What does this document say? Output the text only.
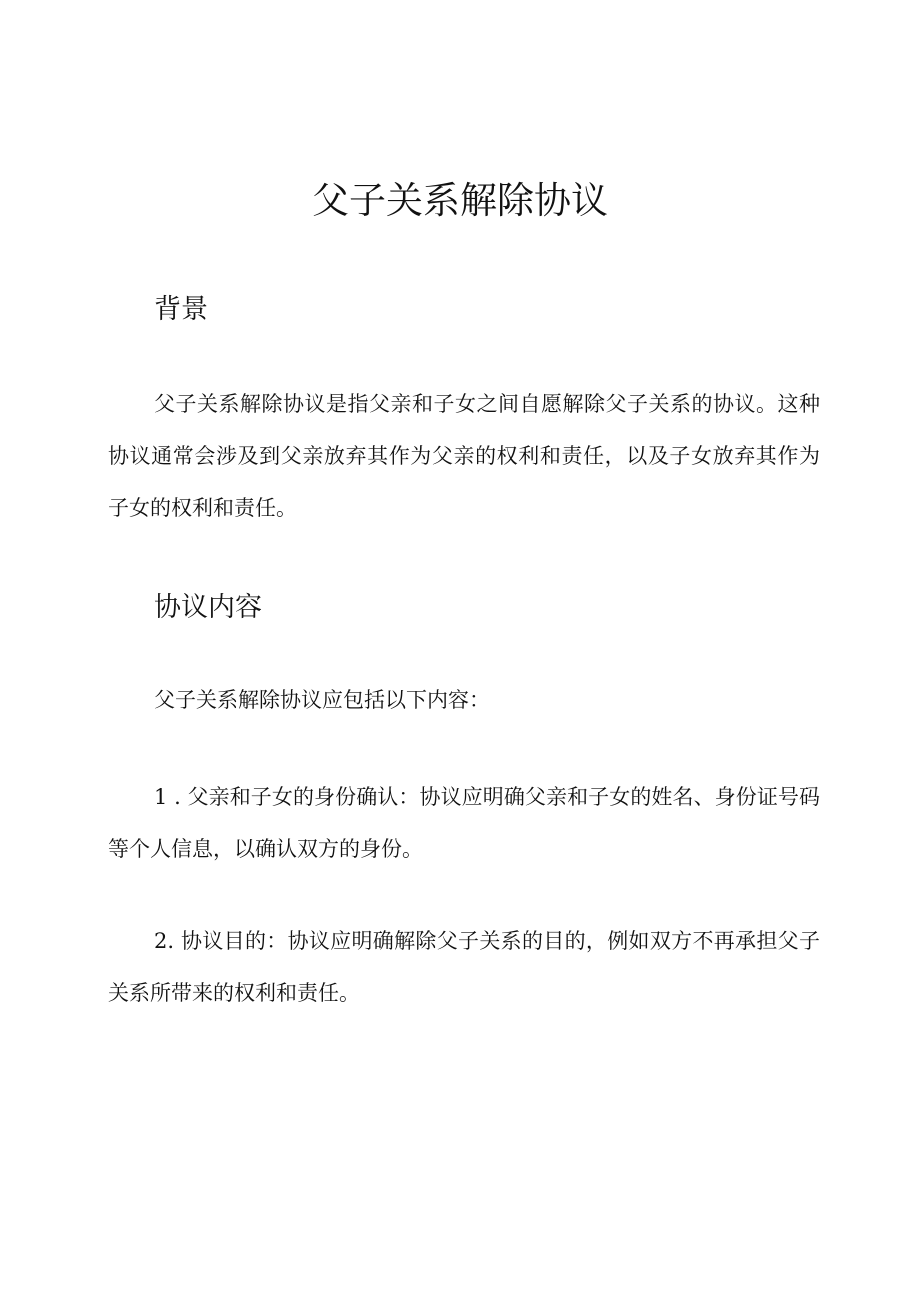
父子关系解除协议
背景

父子关系解除协议是指父亲和子女之间自愿解除父子关系的协议。这种协议通常会涉及到父亲放弃其作为父亲的权利和责任，以及子女放弃其作为子女的权利和责任。

协议内容

父子关系解除协议应包括以下内容：

1 . 父亲和子女的身份确认：协议应明确父亲和子女的姓名、身份证号码等个人信息，以确认双方的身份。

2. 协议目的：协议应明确解除父子关系的目的，例如双方不再承担父子关系所带来的权利和责任。
